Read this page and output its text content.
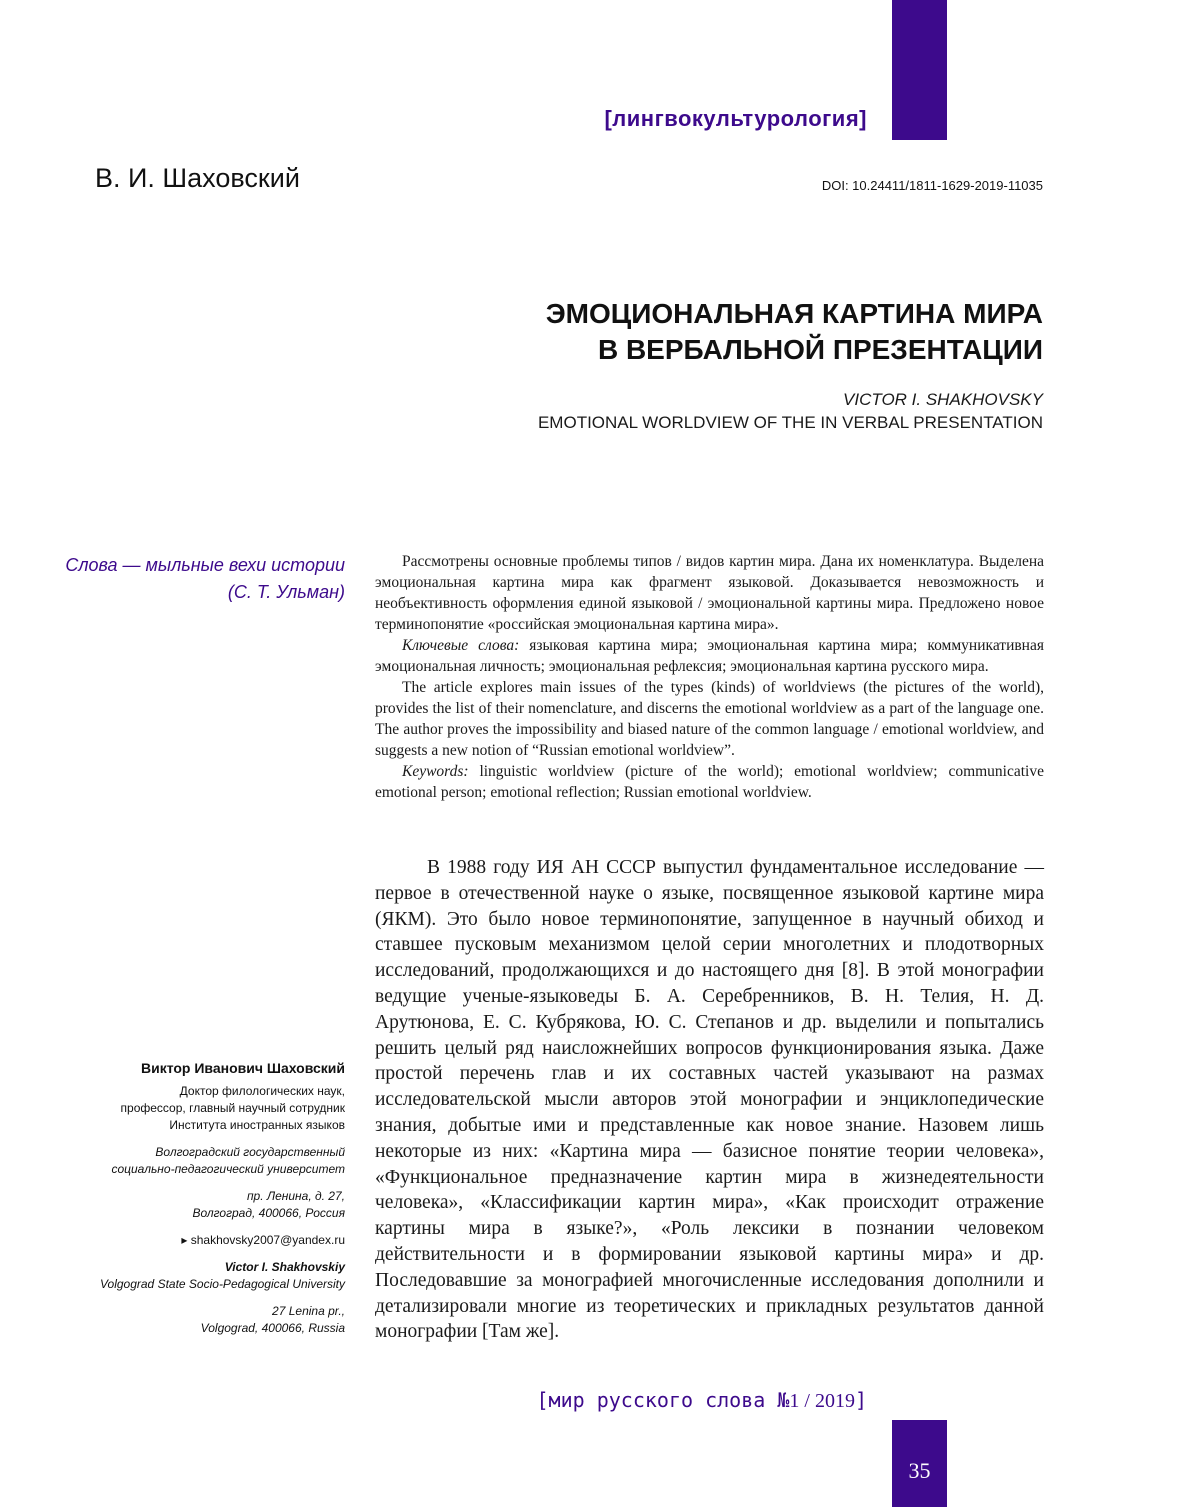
[лингвокультурология]
В. И. Шаховский	DOI: 10.24411/1811-1629-2019-11035
ЭМОЦИОНАЛЬНАЯ КАРТИНА МИРА
В ВЕРБАЛЬНОЙ ПРЕЗЕНТАЦИИ
VICTOR I. SHAKHOVSKY
EMOTIONAL WORLDVIEW OF THE IN VERBAL PRESENTATION
Слова — мыльные вехи истории
(С. Т. Ульман)

Рассмотрены основные проблемы типов / видов картин мира. Дана их номенклатура. Выделена эмоциональная картина мира как фрагмент языковой. Доказывается невозможность и необъективность оформления единой языковой / эмоциональной картины мира. Предложено новое терминопонятие «российская эмоциональная картина мира».

Ключевые слова: языковая картина мира; эмоциональная картина мира; коммуникативная эмоциональная личность; эмоциональная рефлексия; эмоциональная картина русского мира.

The article explores main issues of the types (kinds) of worldviews (the pictures of the world), provides the list of their nomenclature, and discerns the emotional worldview as a part of the language one. The author proves the impossibility and biased nature of the common language / emotional worldview, and suggests a new notion of “Russian emotional worldview”.

Keywords: linguistic worldview (picture of the world); emotional worldview; communicative emotional person; emotional reflection; Russian emotional worldview.

В 1988 году ИЯ АН СССР выпустил фундаментальное исследование — первое в отечественной науке о языке, посвященное языковой картине мира (ЯКМ). Это было новое терминопонятие, запущенное в научный обиход и ставшее пусковым механизмом целой серии многолетних и плодотворных исследований, продолжающихся и до настоящего дня [8]. В этой монографии ведущие ученые-языковеды Б. А. Серебренников, В. Н. Телия, Н. Д. Арутюнова, Е. С. Кубрякова, Ю. С. Степанов и др. выделили и попытались решить целый ряд наисложнейших вопросов функционирования языка. Даже простой перечень глав и их составных частей указывают на размах исследовательской мысли авторов этой монографии и энциклопедические знания, добытые ими и представленные как новое знание. Назовем лишь некоторые из них: «Картина мира — базисное понятие теории человека», «Функциональное предназначение картин мира в жизнедеятельности человека», «Классификации картин мира», «Как происходит отражение картины мира в языке?», «Роль лексики в познании человеком действительности и в формировании языковой картины мира» и др. Последовавшие за монографией многочисленные исследования дополнили и детализировали многие из теоретических и прикладных результатов данной монографии [Там же].

Виктор Иванович Шаховский
Доктор филологических наук,
профессор, главный научный сотрудник
Института иностранных языков
Волгоградский государственный
социально-педагогический университет
пр. Ленина, д. 27,
Волгоград, 400066, Россия
▸ shakhovsky2007@yandex.ru
Victor I. Shakhovskiy
Volgograd State Socio-Pedagogical University
27 Lenina pr.,
Volgograd, 400066, Russia
[мир русского слова №1 / 2019]
35
